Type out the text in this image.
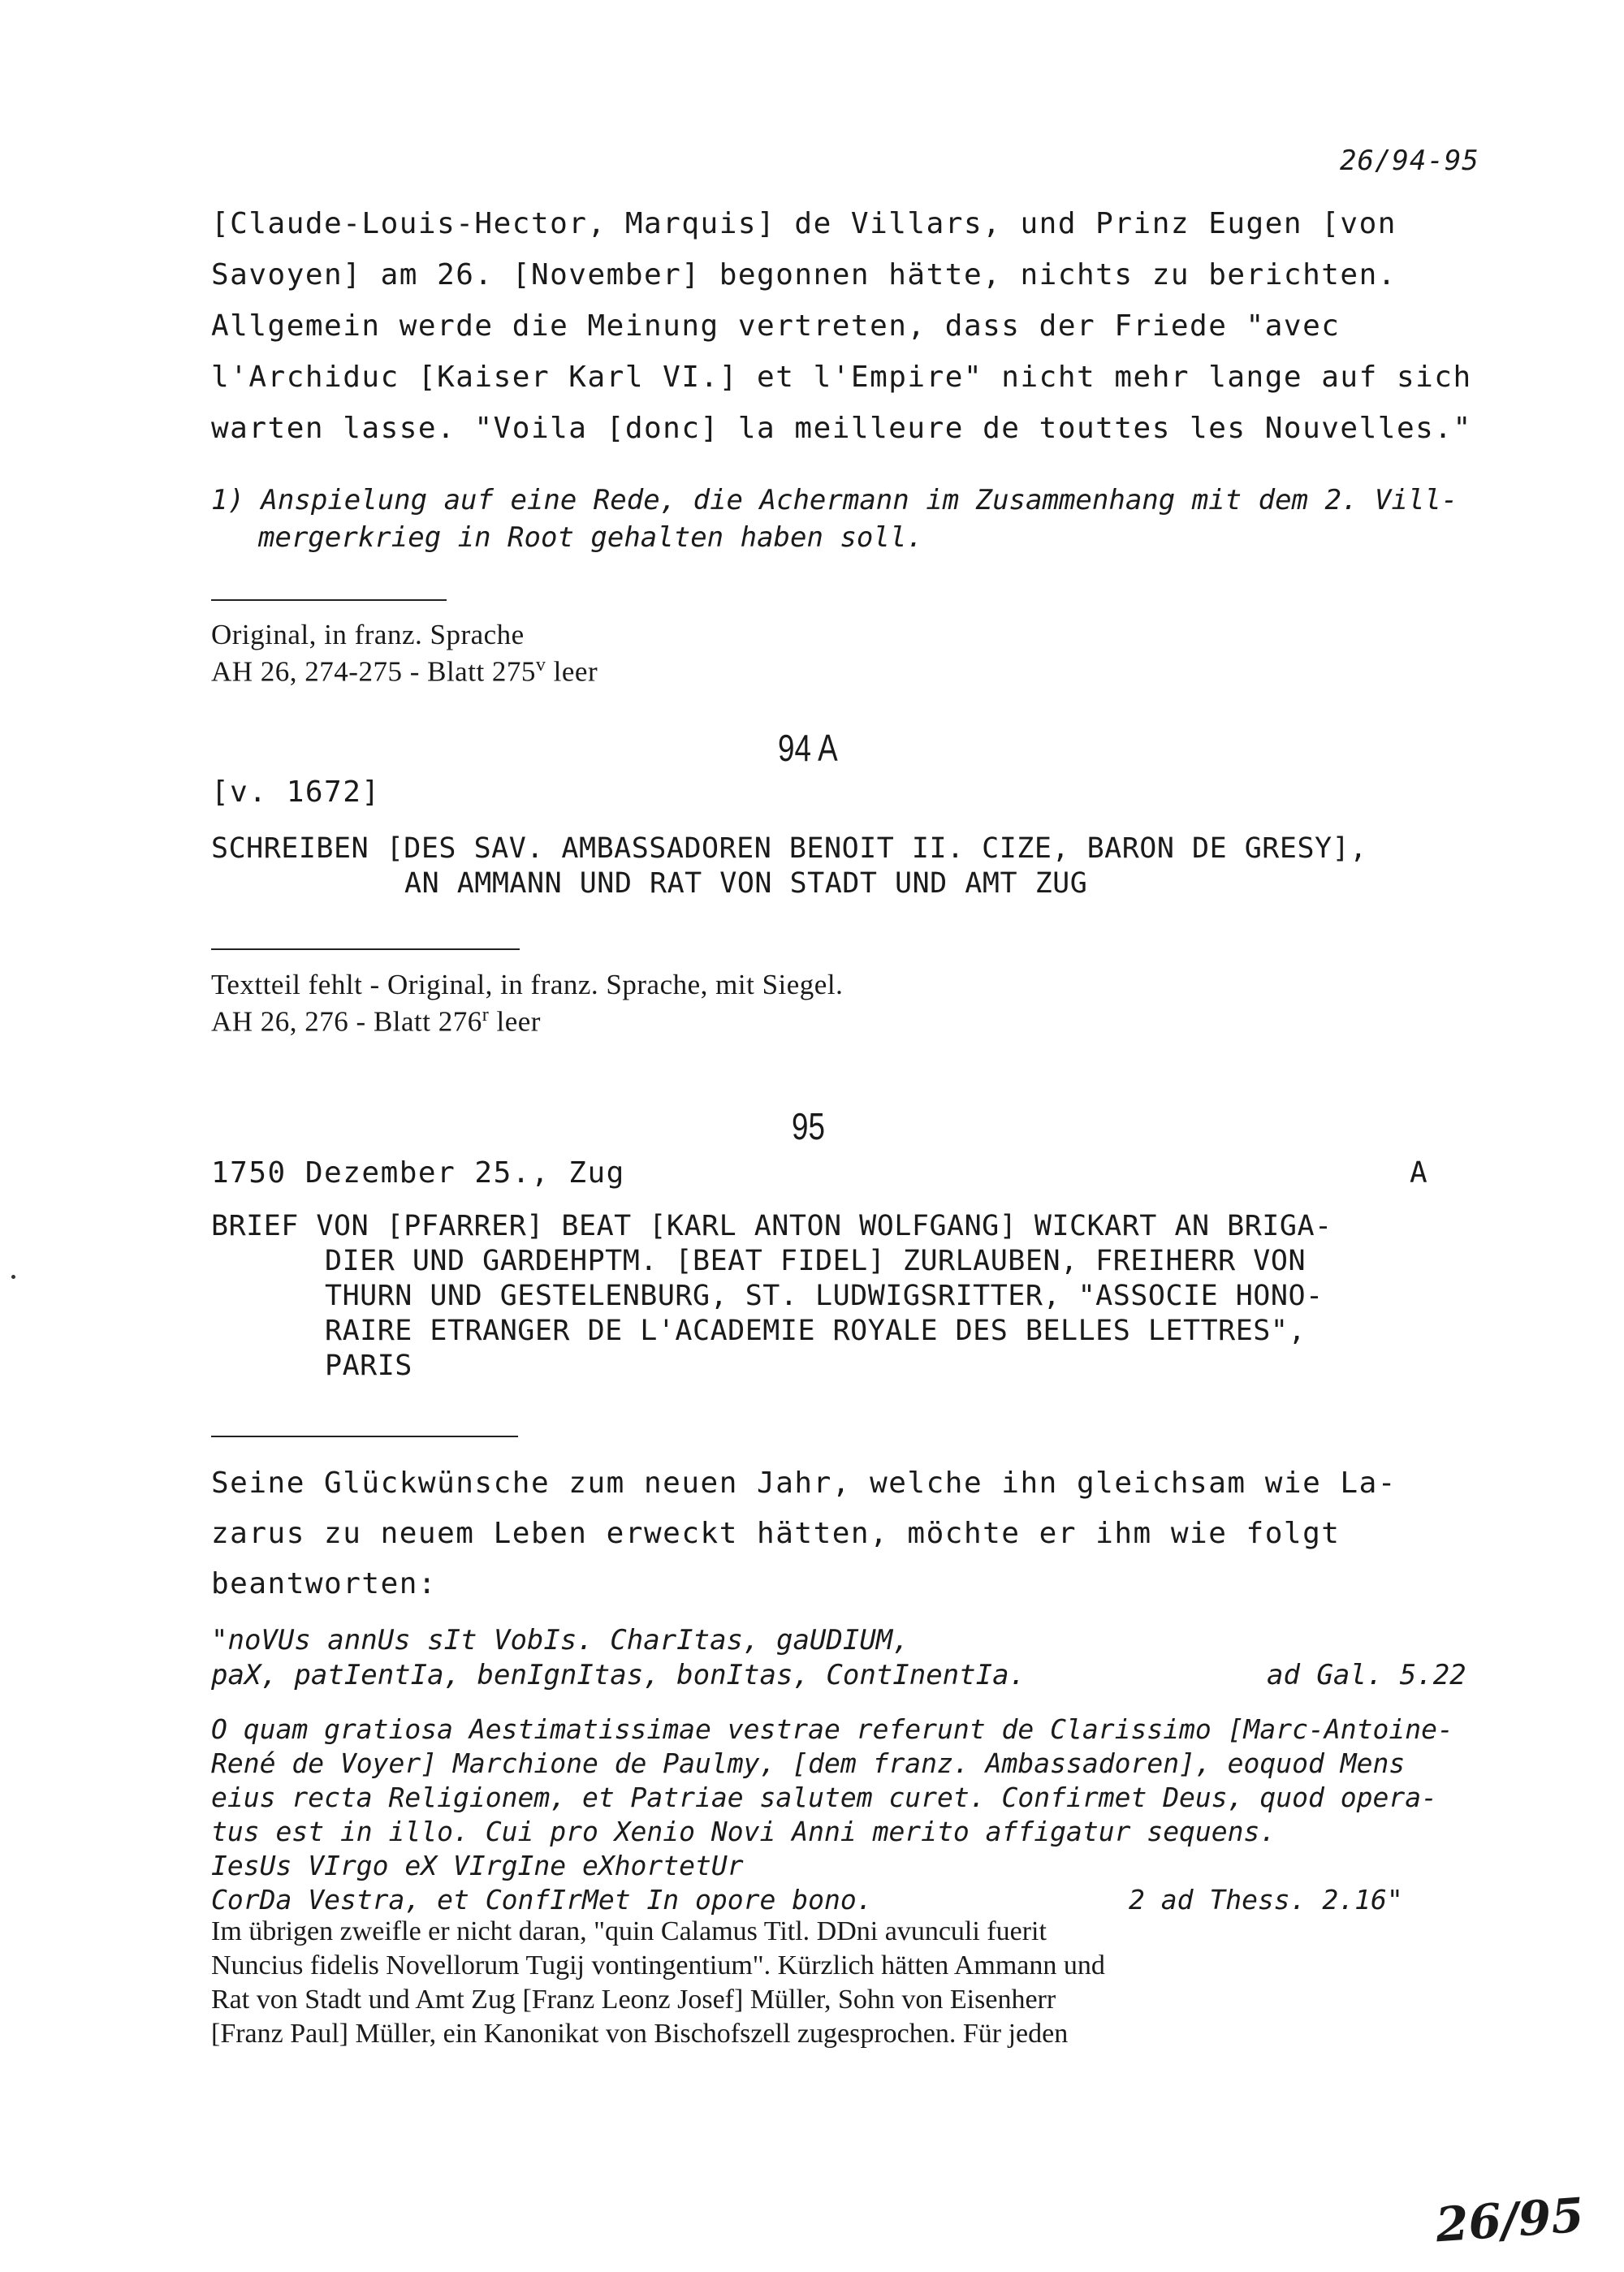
26/94-95
[Claude-Louis-Hector, Marquis] de Villars, und Prinz Eugen [von
Savoyen] am 26. [November] begonnen hätte, nichts zu berichten.
Allgemein werde die Meinung vertreten, dass der Friede "avec
l'Archiduc [Kaiser Karl VI.] et l'Empire" nicht mehr lange auf sich
warten lasse. "Voila [donc] la meilleure de touttes les Nouvelles."
1) Anspielung auf eine Rede, die Achermann im Zusammenhang mit dem 2. Vill-
mergerkrieg in Root gehalten haben soll.
Original, in franz. Sprache
AH 26, 274-275 - Blatt 275$^v$ leer
94 A
[v. 1672]
SCHREIBEN [DES SAV. AMBASSADOREN BENOIT II. CIZE, BARON DE GRESY],
AN AMMANN UND RAT VON STADT UND AMT ZUG
Textteil fehlt - Original, in franz. Sprache, mit Siegel.
AH 26, 276 - Blatt 276$^r$ leer
95
1750 Dezember 25., Zug	A
BRIEF VON [PFARRER] BEAT [KARL ANTON WOLFGANG] WICKART AN BRIGA-
DIER UND GARDEHPTM. [BEAT FIDEL] ZURLAUBEN, FREIHERR VON
THURN UND GESTELENBURG, ST. LUDWIGSRITTER, "ASSOCIE HONO-
RAIRE ETRANGER DE L'ACADEMIE ROYALE DES BELLES LETTRES",
PARIS
Seine Glückwünsche zum neuen Jahr, welche ihn gleichsam wie La-
zarus zu neuem Leben erweckt hätten, möchte er ihm wie folgt
beantworten:
"noVUs annUs sIt VobIs. CharItas, gaUDIUM,
paX, patIentIa, benIgnItas, bonItas, ContInentIa.	ad Gal. 5.22
O quam gratiosa Aestimatissimae vestrae referunt de Clarissimo [Marc-Antoine-
René de Voyer] Marchione de Paulmy, [dem franz. Ambassadoren], eoquod Mens
eius recta Religionem, et Patriae salutem curet. Confirmet Deus, quod opera-
tus est in illo. Cui pro Xenio Novi Anni merito affigatur sequens.
IesUs VIrgo eX VIrgIne eXhortetUr
CorDa Vestra, et ConfIrMet In opore bono.	2 ad Thess. 2.16"
Im übrigen zweifle er nicht daran, "quin Calamus Titl. DDni avunculi fuerit
Nuncius fidelis Novellorum Tugij vontingentium". Kürzlich hätten Ammann und
Rat von Stadt und Amt Zug [Franz Leonz Josef] Müller, Sohn von Eisenherr
[Franz Paul] Müller, ein Kanonikat von Bischofszell zugesprochen. Für jeden
26/95
